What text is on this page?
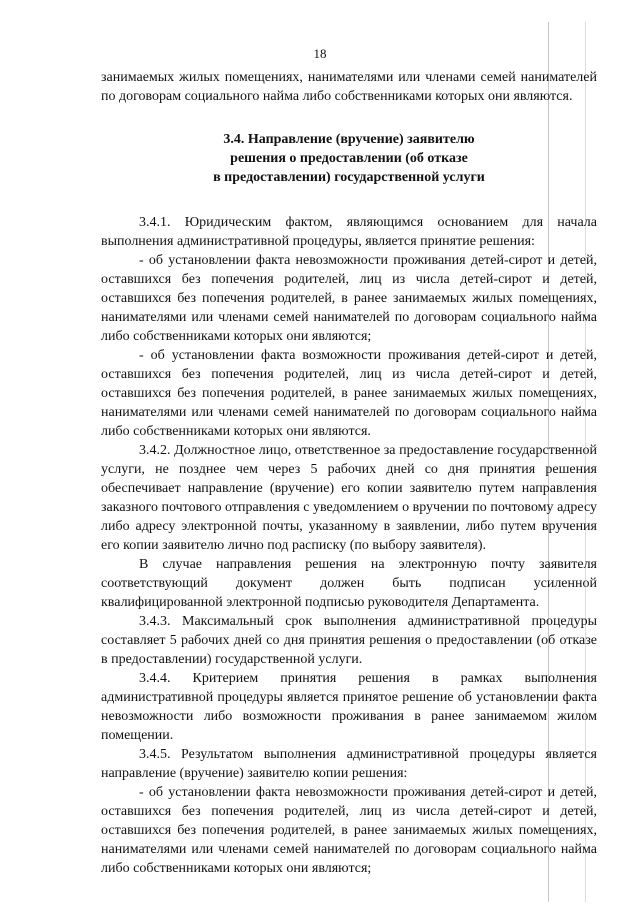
18

занимаемых жилых помещениях, нанимателями или членами семей нанимателей по договорам социального найма либо собственниками которых они являются.

3.4. Направление (вручение) заявителю
решения о предоставлении (об отказе
в предоставлении) государственной услуги

3.4.1. Юридическим фактом, являющимся основанием для начала выполнения административной процедуры, является принятие решения:

- об установлении факта невозможности проживания детей-сирот и детей, оставшихся без попечения родителей, лиц из числа детей-сирот и детей, оставшихся без попечения родителей, в ранее занимаемых жилых помещениях, нанимателями или членами семей нанимателей по договорам социального найма либо собственниками которых они являются;

- об установлении факта возможности проживания детей-сирот и детей, оставшихся без попечения родителей, лиц из числа детей-сирот и детей, оставшихся без попечения родителей, в ранее занимаемых жилых помещениях, нанимателями или членами семей нанимателей по договорам социального найма либо собственниками которых они являются.

3.4.2. Должностное лицо, ответственное за предоставление государственной услуги, не позднее чем через 5 рабочих дней со дня принятия решения обеспечивает направление (вручение) его копии заявителю путем направления заказного почтового отправления с уведомлением о вручении по почтовому адресу либо адресу электронной почты, указанному в заявлении, либо путем вручения его копии заявителю лично под расписку (по выбору заявителя).

В случае направления решения на электронную почту заявителя соответствующий документ должен быть подписан усиленной квалифицированной электронной подписью руководителя Департамента.

3.4.3. Максимальный срок выполнения административной процедуры составляет 5 рабочих дней со дня принятия решения о предоставлении (об отказе в предоставлении) государственной услуги.

3.4.4. Критерием принятия решения в рамках выполнения административной процедуры является принятое решение об установлении факта невозможности либо возможности проживания в ранее занимаемом жилом помещении.

3.4.5. Результатом выполнения административной процедуры является направление (вручение) заявителю копии решения:

- об установлении факта невозможности проживания детей-сирот и детей, оставшихся без попечения родителей, лиц из числа детей-сирот и детей, оставшихся без попечения родителей, в ранее занимаемых жилых помещениях, нанимателями или членами семей нанимателей по договорам социального найма либо собственниками которых они являются;
